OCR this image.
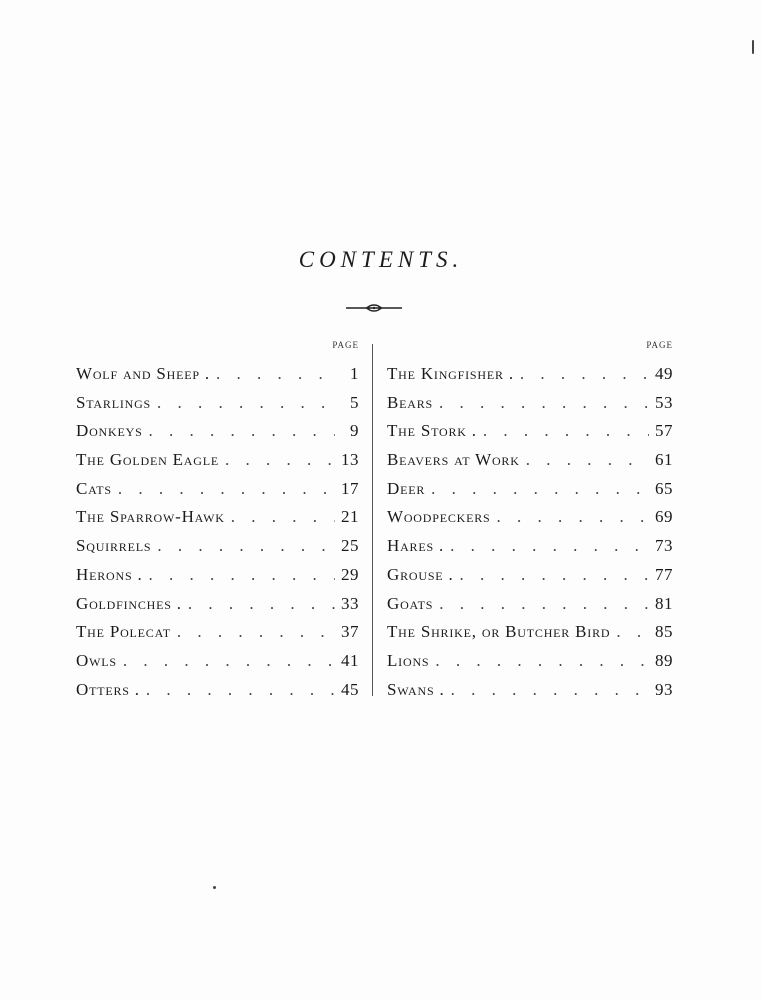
CONTENTS.
PAGE
Wolf and Sheep . . . .	1
Starlings . . .	5
Donkeys . . .	9
The Golden Eagle . . .	13
Cats . . .	17
The Sparrow-Hawk . . .	21
Squirrels . . .	25
Herons . . . .	29
Goldfinches . . . .	33
The Polecat . . .	37
Owls . . .	41
Otters . . . .	45
PAGE
The Kingfisher . . . .	49
Bears . . .	53
The Stork . . . .	57
Beavers at Work . . .	61
Deer . . .	65
Woodpeckers . . .	69
Hares . . . .	73
Grouse . . . .	77
Goats . . .	81
The Shrike, or Butcher Bird . . .	85
Lions . . .	89
Swans . . . .	93
